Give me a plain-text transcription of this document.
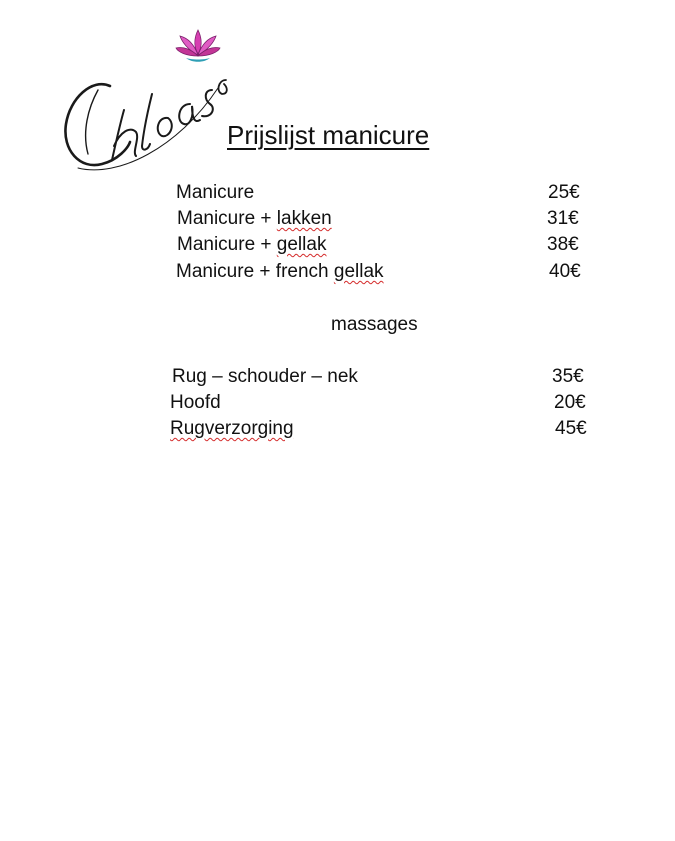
Prijslijst manicure
Manicure	25€
Manicure + lakken	31€
Manicure + gellak	38€
Manicure + french gellak	40€
massages
Rug – schouder – nek	35€
Hoofd	20€
Rugverzorging	45€
